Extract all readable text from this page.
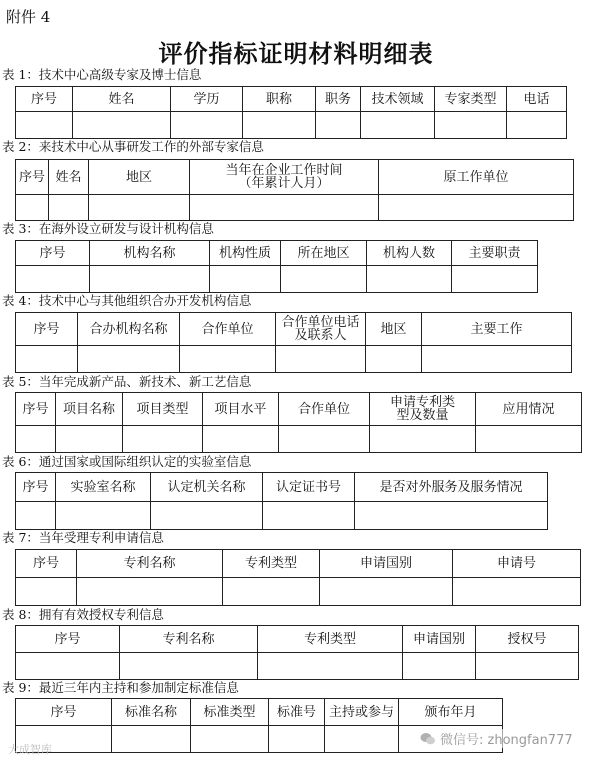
附件 4
评价指标证明材料明细表
表 1：技术中心高级专家及博士信息
序号	姓名	学历	职称	职务	技术领域	专家类型	电话

表 2：来技术中心从事研发工作的外部专家信息
序号	姓名	地区	当年在企业工作时间
（年累计人月）	原工作单位

表 3：在海外设立研发与设计机构信息
序号	机构名称	机构性质	所在地区	机构人数	主要职责

表 4：技术中心与其他组织合办开发机构信息
序号	合办机构名称	合作单位	合作单位电话
及联系人	地区	主要工作

表 5：当年完成新产品、新技术、新工艺信息
序号	项目名称	项目类型	项目水平	合作单位	申请专利类
型及数量	应用情况

表 6：通过国家或国际组织认定的实验室信息
序号	实验室名称	认定机关名称	认定证书号	是否对外服务及服务情况

表 7：当年受理专利申请信息
序号	专利名称	专利类型	申请国别	申请号

表 8：拥有有效授权专利信息
序号	专利名称	专利类型	申请国别	授权号

表 9：最近三年内主持和参加制定标准信息
序号	标准名称	标准类型	标准号	主持或参与	颁布年月

大成智库
微信号: zhongfan777
